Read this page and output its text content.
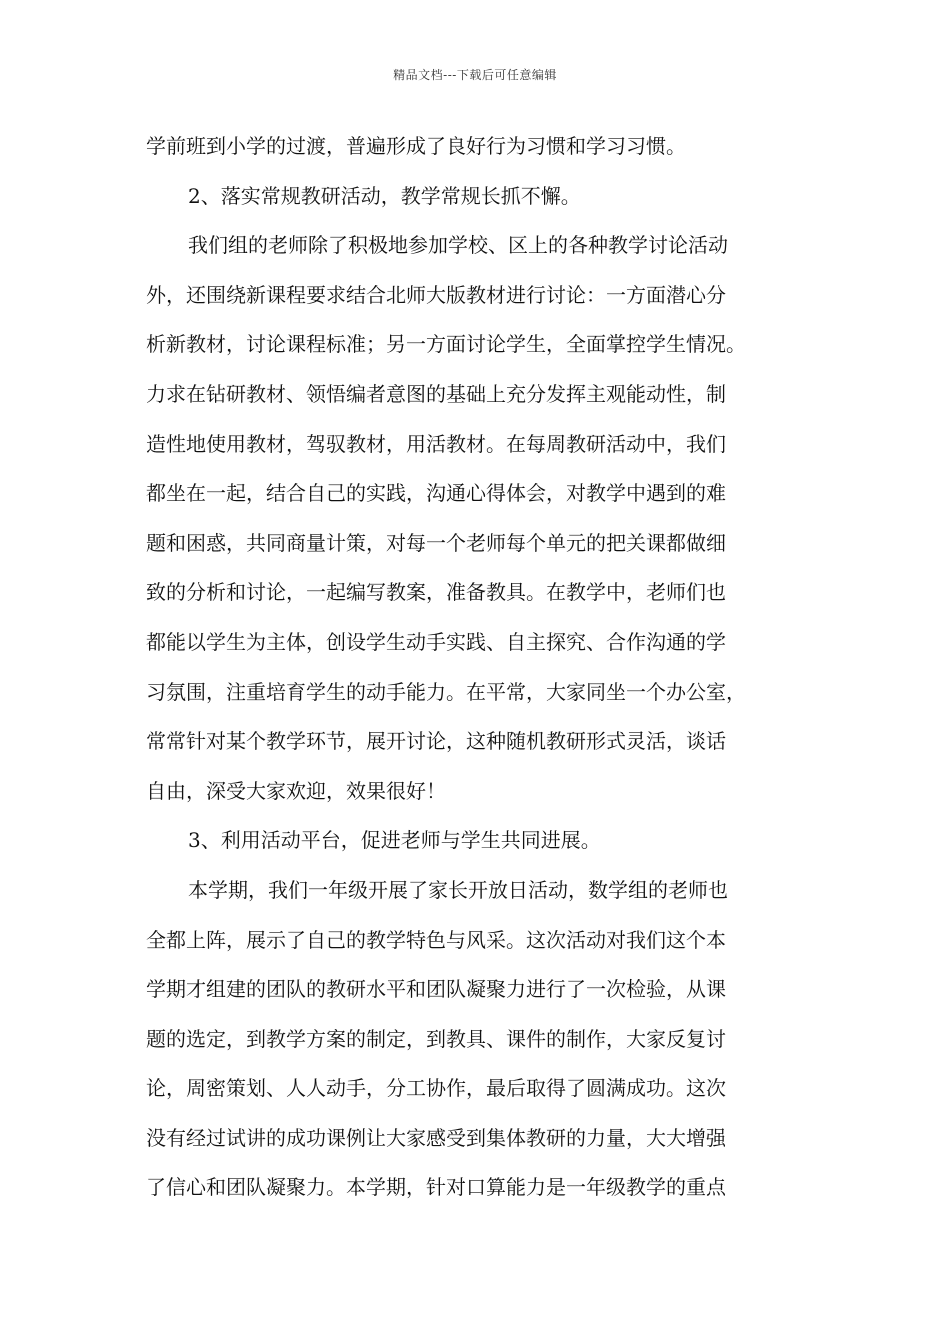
精品文档---下载后可任意编辑
学前班到小学的过渡，普遍形成了良好行为习惯和学习习惯。
2、落实常规教研活动，教学常规长抓不懈。
我们组的老师除了积极地参加学校、区上的各种教学讨论活动
外，还围绕新课程要求结合北师大版教材进行讨论：一方面潜心分
析新教材，讨论课程标准；另一方面讨论学生，全面掌控学生情况。
力求在钻研教材、领悟编者意图的基础上充分发挥主观能动性，制
造性地使用教材，驾驭教材，用活教材。在每周教研活动中，我们
都坐在一起，结合自己的实践，沟通心得体会，对教学中遇到的难
题和困惑，共同商量计策，对每一个老师每个单元的把关课都做细
致的分析和讨论，一起编写教案，准备教具。在教学中，老师们也
都能以学生为主体，创设学生动手实践、自主探究、合作沟通的学
习氛围，注重培育学生的动手能力。在平常，大家同坐一个办公室，
常常针对某个教学环节，展开讨论，这种随机教研形式灵活，谈话
自由，深受大家欢迎，效果很好！
3、利用活动平台，促进老师与学生共同进展。
本学期，我们一年级开展了家长开放日活动，数学组的老师也
全都上阵，展示了自己的教学特色与风采。这次活动对我们这个本
学期才组建的团队的教研水平和团队凝聚力进行了一次检验，从课
题的选定，到教学方案的制定，到教具、课件的制作，大家反复讨
论，周密策划、人人动手，分工协作，最后取得了圆满成功。这次
没有经过试讲的成功课例让大家感受到集体教研的力量，大大增强
了信心和团队凝聚力。本学期，针对口算能力是一年级教学的重点
